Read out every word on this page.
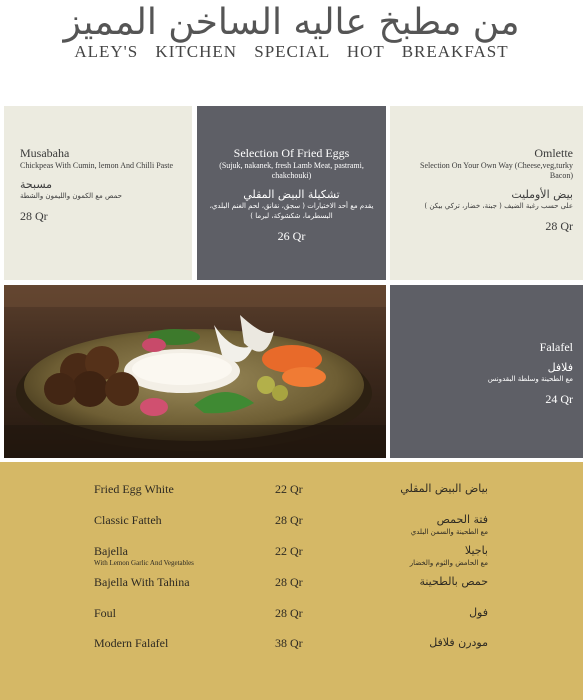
من مطبخ عاليه الساخن المميز
ALEY'S KITCHEN SPECIAL HOT BREAKFAST
Musabaha
Chickpeas With Cumin, lemon And Chilli Paste
مسبحة
حمص مع الكمون والليمون والشطة
28 Qr
Selection Of Fried Eggs
(Sujuk, nakanek, fresh Lamb Meat, pastrami, chakchouki)
تشكيلة البيض المقلي
يقدم مع أحد الاختيارات ( سجق، نقانق، لحم الغنم البلدي، البسطرما، شكشوكة، لبرما )
26 Qr
Omlette
Selection On Your Own Way (Cheese,veg,turky Bacon)
بيض الأومليت
على حسب رغبة الضيف ( جبنة، خضار، تركي بيكن )
28 Qr
Falafel
فلافل
مع الطحينة وسلطة البقدونس
24 Qr
Fried Egg White	22 Qr	بياض البيض المقلي
Classic Fatteh	28 Qr	فتة الحمص
مع الطحينة والسمن البلدي
Bajella
With Lemon Garlic And Vegetables
22 Qr	باجيلا
مع الحامض والثوم والخضار
Bajella With Tahina	28 Qr	حمص بالطحينة
Foul	28 Qr	فول
Modern Falafel	38 Qr	مودرن فلافل
